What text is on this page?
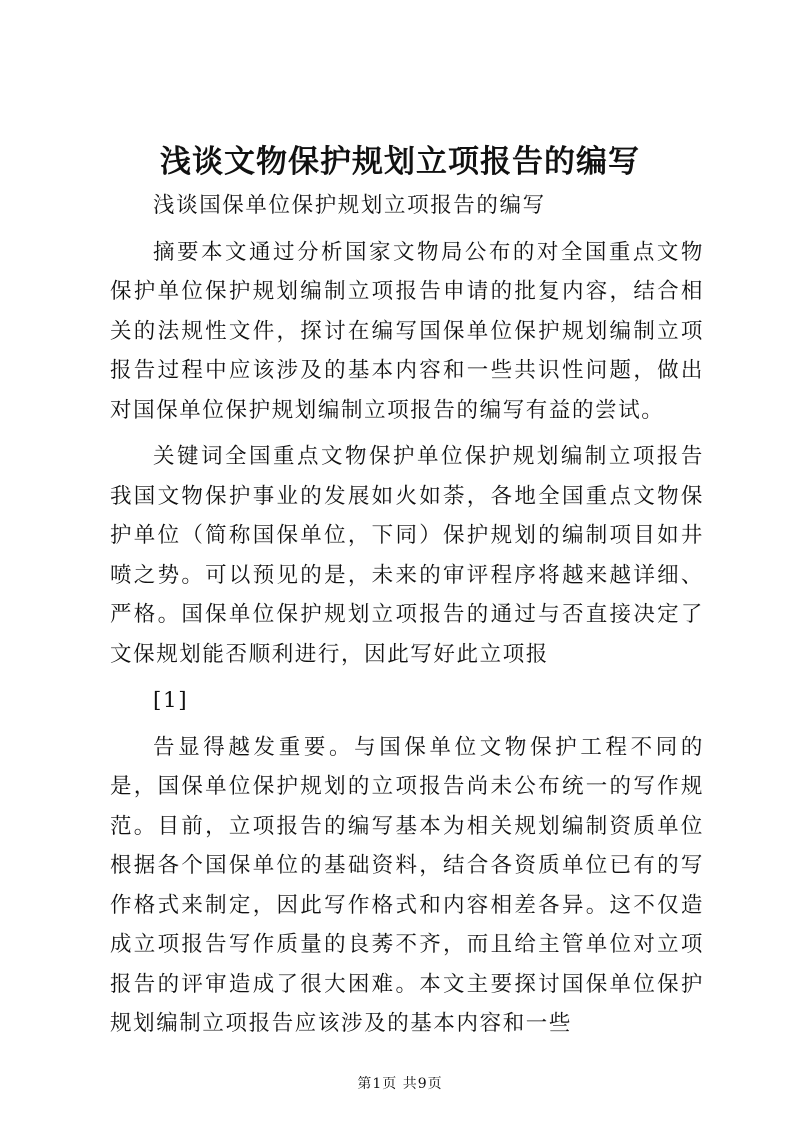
浅谈文物保护规划立项报告的编写

浅谈国保单位保护规划立项报告的编写

摘要本文通过分析国家文物局公布的对全国重点文物保护单位保护规划编制立项报告申请的批复内容，结合相关的法规性文件，探讨在编写国保单位保护规划编制立项报告过程中应该涉及的基本内容和一些共识性问题，做出对国保单位保护规划编制立项报告的编写有益的尝试。

关键词全国重点文物保护单位保护规划编制立项报告我国文物保护事业的发展如火如荼，各地全国重点文物保护单位（简称国保单位，下同）保护规划的编制项目如井喷之势。可以预见的是，未来的审评程序将越来越详细、严格。国保单位保护规划立项报告的通过与否直接决定了文保规划能否顺利进行，因此写好此立项报

[1]

告显得越发重要。与国保单位文物保护工程不同的是，国保单位保护规划的立项报告尚未公布统一的写作规范。目前，立项报告的编写基本为相关规划编制资质单位根据各个国保单位的基础资料，结合各资质单位已有的写作格式来制定，因此写作格式和内容相差各异。这不仅造成立项报告写作质量的良莠不齐，而且给主管单位对立项报告的评审造成了很大困难。本文主要探讨国保单位保护规划编制立项报告应该涉及的基本内容和一些

第1页 共9页
